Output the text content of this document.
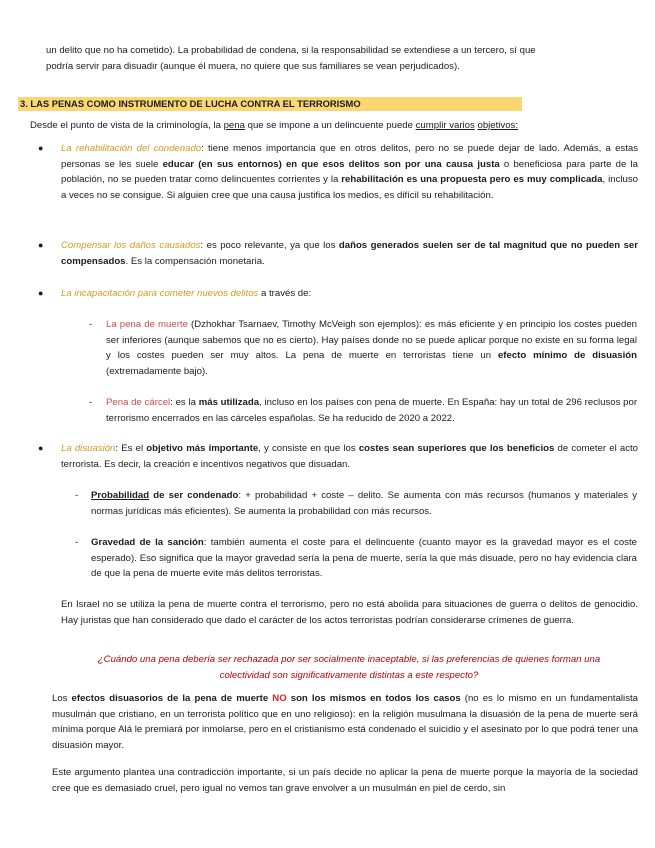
un delito que no ha cometido). La probabilidad de condena, si la responsabilidad se extendiese a un tercero, sí que

podría servir para disuadir (aunque él muera, no quiere que sus familiares se vean perjudicados).

3. LAS PENAS COMO INSTRUMENTO DE LUCHA CONTRA EL TERRORISMO
Desde el punto de vista de la criminología, la pena que se impone a un delincuente puede cumplir varios objetivos:
● La rehabilitación del condenado: tiene menos importancia que en otros delitos, pero no se puede dejar de lado. Además, a estas personas se les suele educar (en sus entornos) en que esos delitos son por una causa justa o beneficiosa para parte de la población, no se pueden tratar como delincuentes corrientes y la rehabilitación es una propuesta pero es muy complicada, incluso a veces no se consigue. Si alguien cree que una causa justifica los medios, es difícil su rehabilitación.
● Compensar los daños causados: es poco relevante, ya que los daños generados suelen ser de tal magnitud que no pueden ser compensados. Es la compensación monetaria.
● La incapacitación para cometer nuevos delitos a través de:
- La pena de muerte (Dzhokhar Tsarnaev, Timothy McVeigh son ejemplos): es más eficiente y en principio los costes pueden ser inferiores (aunque sabemos que no es cierto). Hay países donde no se puede aplicar porque no existe en su forma legal y los costes pueden ser muy altos. La pena de muerte en terroristas tiene un efecto mínimo de disuasión (extremadamente bajo).
- Pena de cárcel: es la más utilizada, incluso en los países con pena de muerte. En España: hay un total de 296 reclusos por terrorismo encerrados en las cárceles españolas. Se ha reducido de 2020 a 2022.
● La disuasión: Es el objetivo más importante, y consiste en que los costes sean superiores que los beneficios de cometer el acto terrorista. Es decir, la creación e incentivos negativos que disuadan.
- Probabilidad de ser condenado: + probabilidad + coste – delito. Se aumenta con más recursos (humanos y materiales y normas jurídicas más eficientes). Se aumenta la probabilidad con más recursos.
- Gravedad de la sanción: también aumenta el coste para el delincuente (cuanto mayor es la gravedad mayor es el coste esperado). Eso significa que la mayor gravedad sería la pena de muerte, sería la que más disuade, pero no hay evidencia clara de que la pena de muerte evite más delitos terroristas.
En Israel no se utiliza la pena de muerte contra el terrorismo, pero no está abolida para situaciones de guerra o delitos de genocidio. Hay juristas que han considerado que dado el carácter de los actos terroristas podrían considerarse crímenes de guerra.

¿Cuándo una pena debería ser rechazada por ser socialmente inaceptable, si las preferencias de quienes forman una

colectividad son significativamente distintas a este respecto?

Los efectos disuasorios de la pena de muerte NO son los mismos en todos los casos (no es lo mismo en un fundamentalista musulmán que cristiano, en un terrorista político que en uno religioso): en la religión musulmana la disuasión de la pena de muerte será mínima porque Alá le premiará por inmolarse, pero en el cristianismo está condenado el suicidio y el asesinato por lo que podrá tener una disuasión mayor.
Este argumento plantea una contradicción importante, si un país decide no aplicar la pena de muerte porque la mayoría de la sociedad cree que es demasiado cruel, pero igual no vemos tan grave envolver a un musulmán en piel de cerdo, sin
